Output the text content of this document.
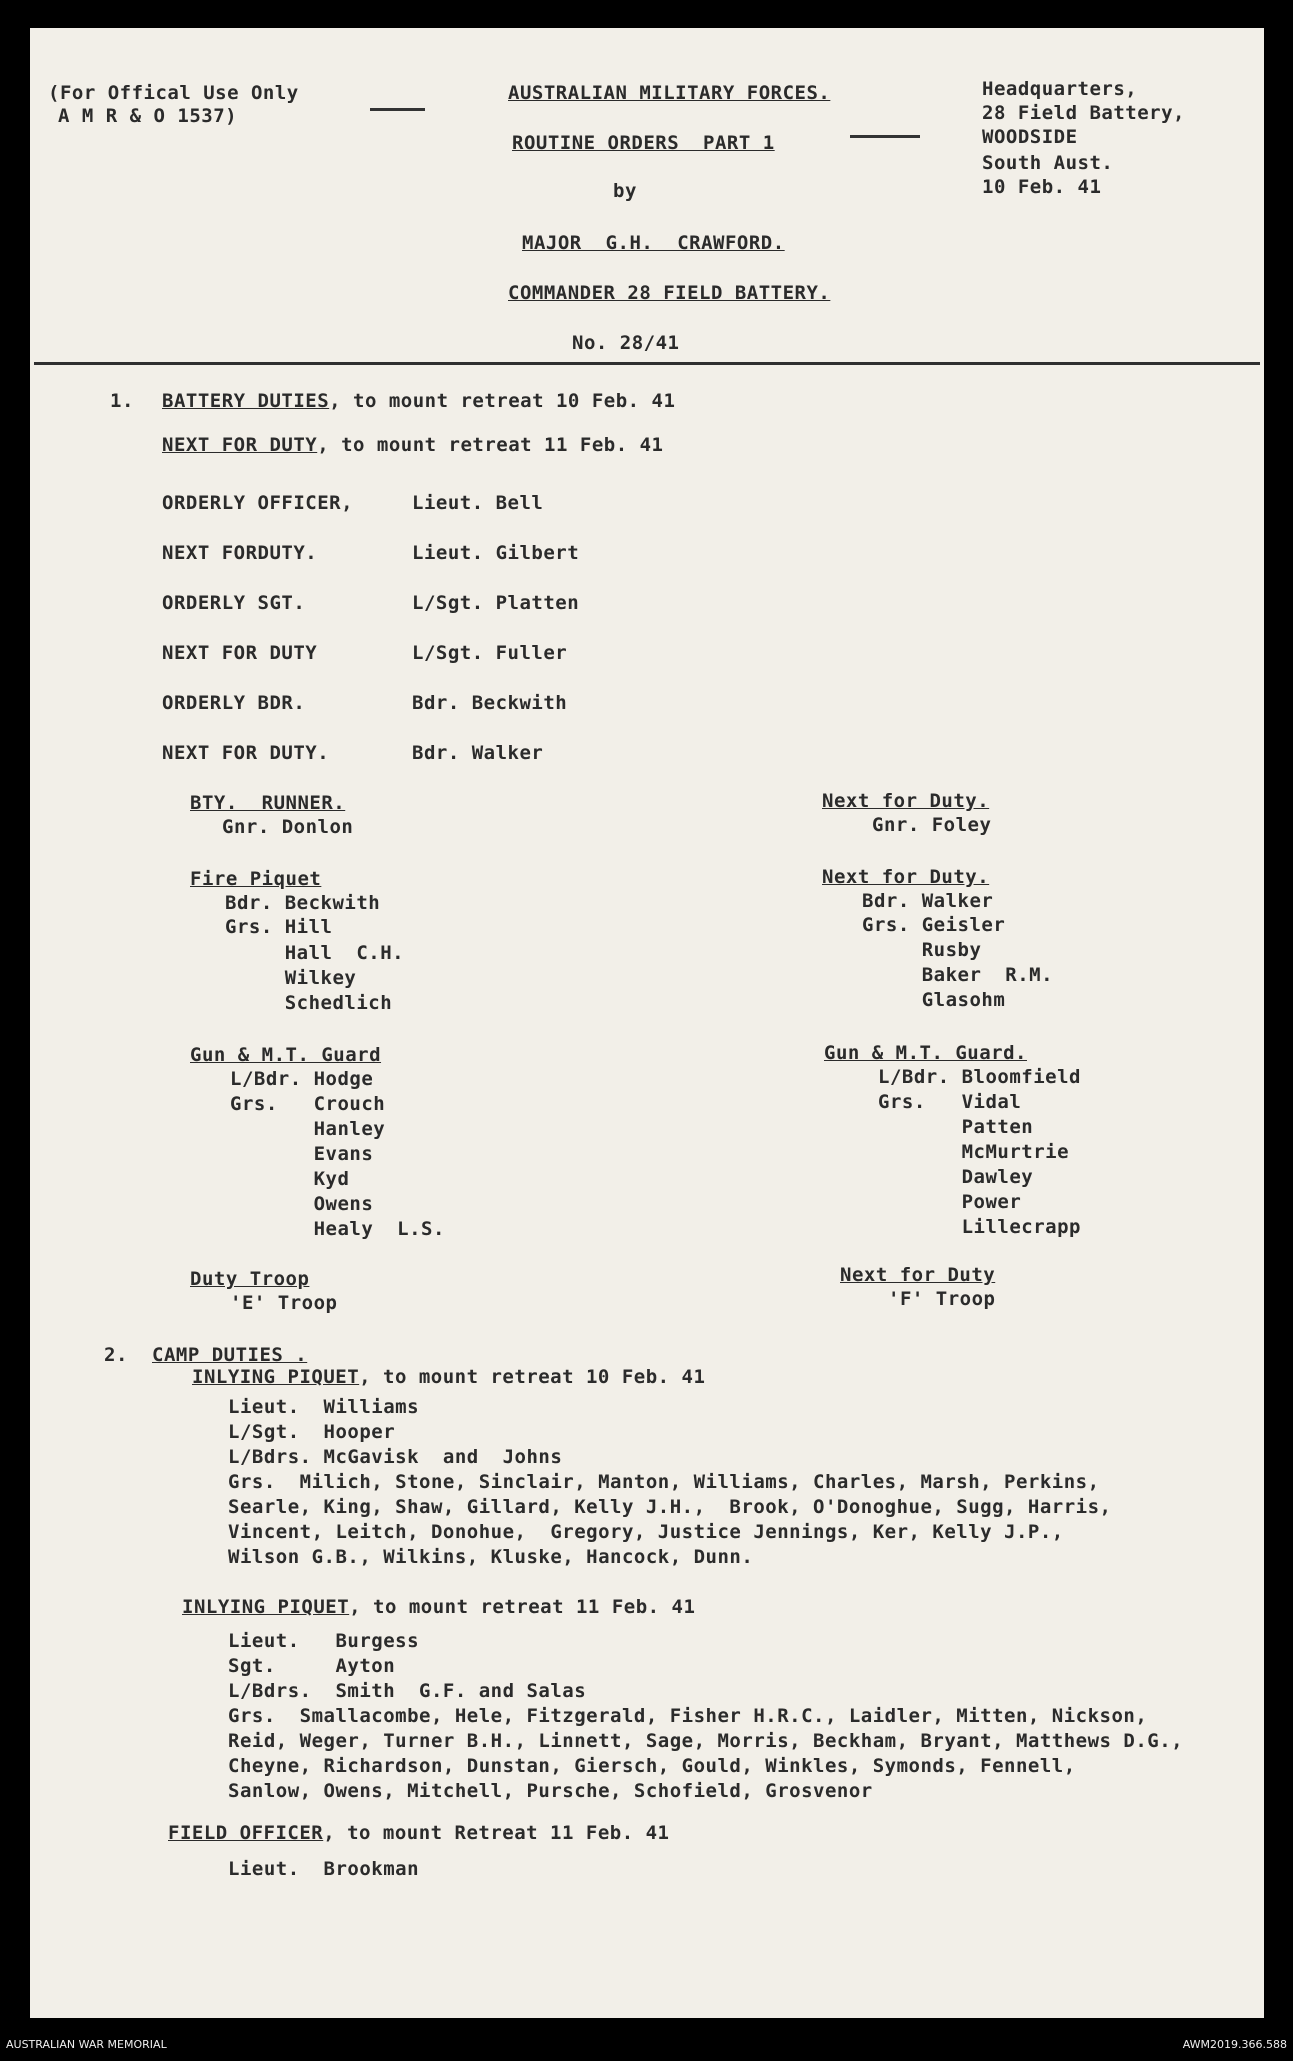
(For Offical Use Only
A M R & O 1537)
AUSTRALIAN MILITARY FORCES.
ROUTINE ORDERS  PART 1
by
MAJOR  G.H.  CRAWFORD.
COMMANDER 28 FIELD BATTERY.
No. 28/41
Headquarters,
28 Field Battery,
WOODSIDE
South Aust.
10 Feb. 41
1. BATTERY DUTIES, to mount retreat 10 Feb. 41
NEXT FOR DUTY, to mount retreat 11 Feb. 41
ORDERLY OFFICER,	Lieut. Bell
NEXT FORDUTY.	Lieut. Gilbert
ORDERLY SGT.	L/Sgt. Platten
NEXT FOR DUTY	L/Sgt. Fuller
ORDERLY BDR.	Bdr. Beckwith
NEXT FOR DUTY.	Bdr. Walker
BTY.  RUNNER.
Gnr. Donlon
Next for Duty.
Gnr. Foley
Fire Piquet
Bdr. Beckwith
Grs. Hill
Hall  C.H.
Wilkey
Schedlich
Next for Duty.
Bdr. Walker
Grs. Geisler
Rusby
Baker  R.M.
Glasohm
Gun & M.T. Guard
L/Bdr. Hodge
Grs.   Crouch
Hanley
Evans
Kyd
Owens
Healy  L.S.
Gun & M.T. Guard.
L/Bdr. Bloomfield
Grs.   Vidal
Patten
McMurtrie
Dawley
Power
Lillecrapp
Duty Troop
'E' Troop
Next for Duty
'F' Troop
2. CAMP DUTIES .
INLYING PIQUET, to mount retreat 10 Feb. 41
Lieut.  Williams
L/Sgt.  Hooper
L/Bdrs. McGavisk  and  Johns
Grs.  Milich, Stone, Sinclair, Manton, Williams, Charles, Marsh, Perkins,
Searle, King, Shaw, Gillard, Kelly J.H.,  Brook, O'Donoghue, Sugg, Harris,
Vincent, Leitch, Donohue,  Gregory, Justice Jennings, Ker, Kelly J.P.,
Wilson G.B., Wilkins, Kluske, Hancock, Dunn.
INLYING PIQUET, to mount retreat 11 Feb. 41
Lieut.   Burgess
Sgt.     Ayton
L/Bdrs.  Smith  G.F. and Salas
Grs.  Smallacombe, Hele, Fitzgerald, Fisher H.R.C., Laidler, Mitten, Nickson,
Reid, Weger, Turner B.H., Linnett, Sage, Morris, Beckham, Bryant, Matthews D.G.,
Cheyne, Richardson, Dunstan, Giersch, Gould, Winkles, Symonds, Fennell,
Sanlow, Owens, Mitchell, Pursche, Schofield, Grosvenor
FIELD OFFICER, to mount Retreat 11 Feb. 41
Lieut.  Brookman
AUSTRALIAN WAR MEMORIAL	AWM2019.366.588
